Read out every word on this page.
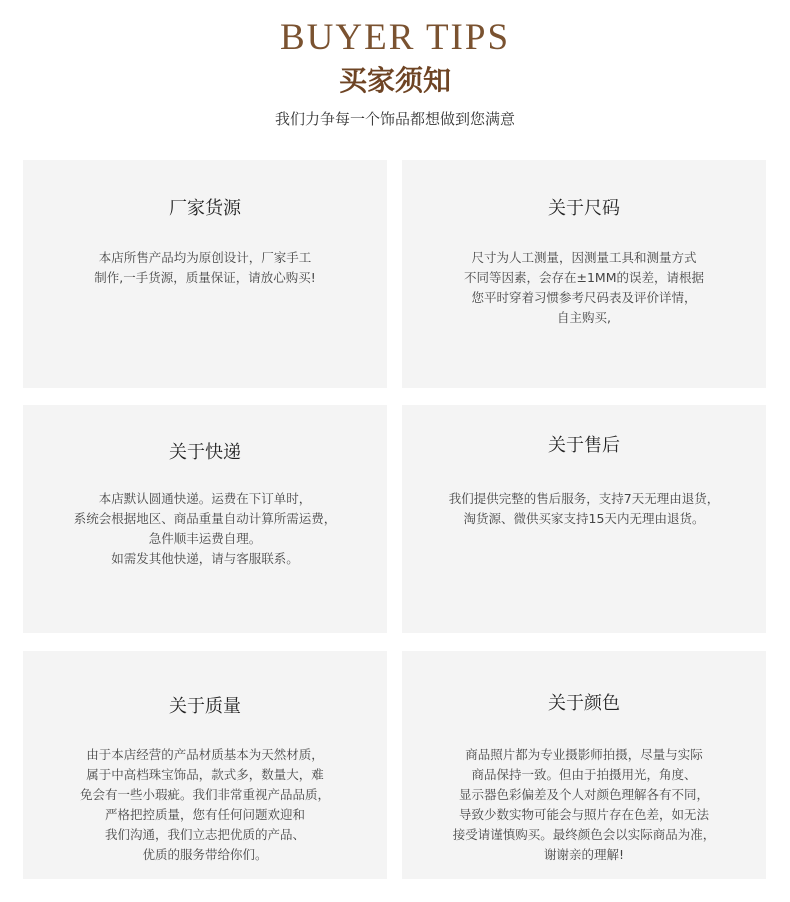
BUYER TIPS
买家须知
我们力争每一个饰品都想做到您满意
厂家货源
本店所售产品均为原创设计，厂家手工
制作,一手货源，质量保证，请放心购买!
关于尺码
尺寸为人工测量，因测量工具和测量方式
不同等因素，会存在±1MM的误差，请根据
您平时穿着习惯参考尺码表及评价详情，
自主购买,
关于快递
本店默认圆通快递。运费在下订单时，
系统会根据地区、商品重量自动计算所需运费，
急件顺丰运费自理。
如需发其他快递，请与客服联系。
关于售后
我们提供完整的售后服务，支持7天无理由退货，
淘货源、微供买家支持15天内无理由退货。
关于质量
由于本店经营的产品材质基本为天然材质，
属于中高档珠宝饰品，款式多，数量大，难
免会有一些小瑕疵。我们非常重视产品品质，
严格把控质量，您有任何问题欢迎和
我们沟通，我们立志把优质的产品、
优质的服务带给你们。
关于颜色
商品照片都为专业摄影师拍摄，尽量与实际
商品保持一致。但由于拍摄用光，角度、
显示器色彩偏差及个人对颜色理解各有不同，
导致少数实物可能会与照片存在色差，如无法
接受请谨慎购买。最终颜色会以实际商品为准，
谢谢亲的理解!
